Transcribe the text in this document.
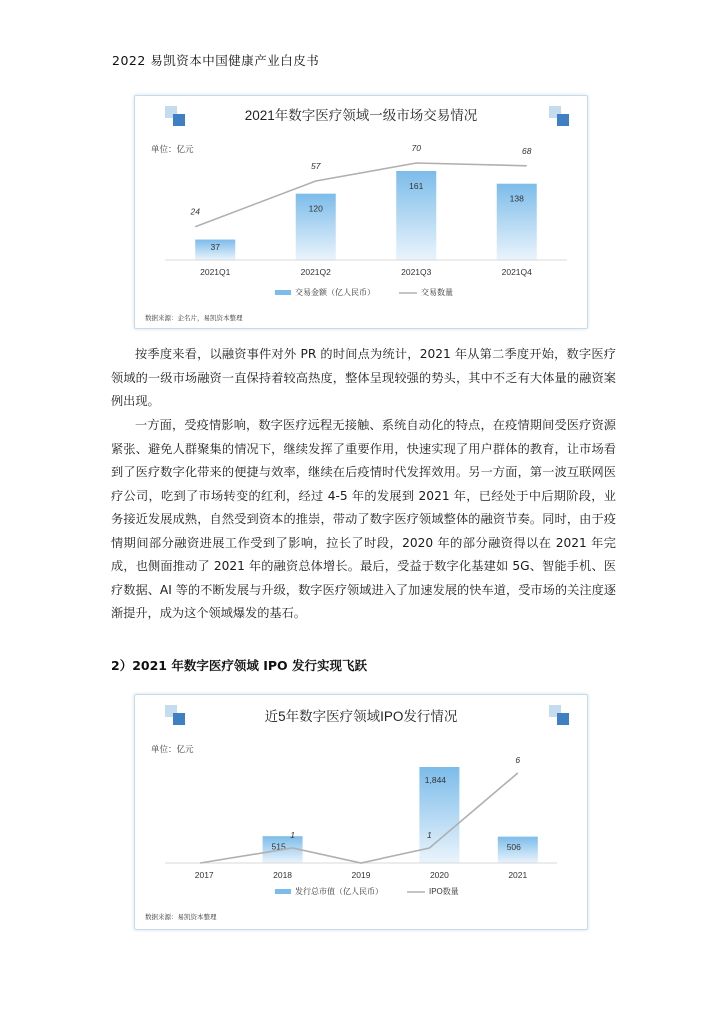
2022 易凯资本中国健康产业白皮书
2021年数字医疗领域一级市场交易情况
单位：亿元
37
120
161
138
2021Q1	2021Q2	2021Q3	2021Q4
24
57
70	68
交易金额（亿人民币）	交易数量
数据来源：企名片，易凯资本整理

按季度来看，以融资事件对外 PR 的时间点为统计，2021 年从第二季度开始，数字医疗领域的一级市场融资一直保持着较高热度，整体呈现较强的势头，其中不乏有大体量的融资案例出现。

一方面，受疫情影响，数字医疗远程无接触、系统自动化的特点，在疫情期间受医疗资源紧张、避免人群聚集的情况下，继续发挥了重要作用，快速实现了用户群体的教育，让市场看到了医疗数字化带来的便捷与效率，继续在后疫情时代发挥效用。另一方面，第一波互联网医疗公司，吃到了市场转变的红利，经过 4-5 年的发展到 2021 年，已经处于中后期阶段，业务接近发展成熟，自然受到资本的推崇，带动了数字医疗领域整体的融资节奏。同时，由于疫情期间部分融资进展工作受到了影响，拉长了时段，2020 年的部分融资得以在 2021 年完成，也侧面推动了 2021 年的融资总体增长。最后，受益于数字化基建如 5G、智能手机、医疗数据、AI 等的不断发展与升级，数字医疗领域进入了加速发展的快车道，受市场的关注度逐渐提升，成为这个领域爆发的基石。

2）2021 年数字医疗领域 IPO 发行实现飞跃

近5年数字医疗领域IPO发行情况
单位：亿元
515
1,844
506
2017	2018	2019	2020	2021
1	1
6
发行总市值（亿人民币）	IPO数量
数据来源：易凯资本整理
